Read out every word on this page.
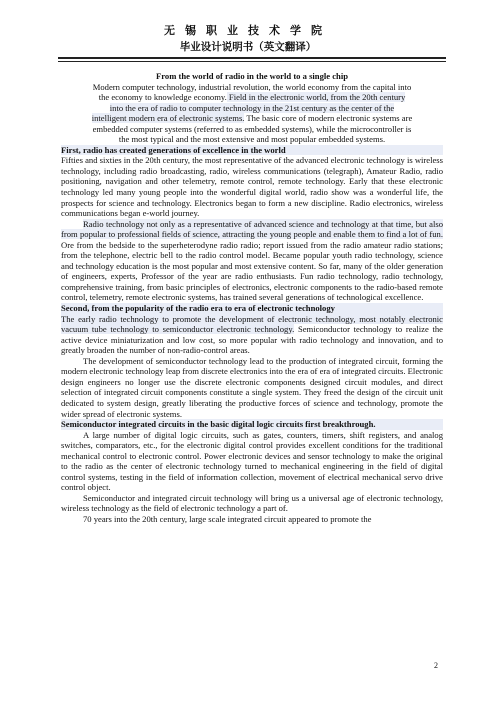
无锡职业技术学院
毕业设计说明书（英文翻译）
From the world of radio in the world to a single chip
Modern computer technology, industrial revolution, the world economy from the capital into
the economy to knowledge economy. Field in the electronic world, from the 20th century
into the era of radio to computer technology in the 21st century as the center of the
intelligent modern era of electronic systems. The basic core of modern electronic systems are
embedded computer systems (referred to as embedded systems), while the microcontroller is
the most typical and the most extensive and most popular embedded systems.
First, radio has created generations of excellence in the world
Fifties and sixties in the 20th century, the most representative of the advanced electronic technology is wireless technology, including radio broadcasting, radio, wireless communications (telegraph), Amateur Radio, radio positioning, navigation and other telemetry, remote control, remote technology. Early that these electronic technology led many young people into the wonderful digital world, radio show was a wonderful life, the prospects for science and technology. Electronics began to form a new discipline. Radio electronics, wireless communications began e-world journey.
Radio technology not only as a representative of advanced science and technology at that time, but also from popular to professional fields of science, attracting the young people and enable them to find a lot of fun. Ore from the bedside to the superheterodyne radio radio; report issued from the radio amateur radio stations; from the telephone, electric bell to the radio control model. Became popular youth radio technology, science and technology education is the most popular and most extensive content. So far, many of the older generation of engineers, experts, Professor of the year are radio enthusiasts. Fun radio technology, radio technology, comprehensive training, from basic principles of electronics, electronic components to the radio-based remote control, telemetry, remote electronic systems, has trained several generations of technological excellence.
Second, from the popularity of the radio era to era of electronic technology
The early radio technology to promote the development of electronic technology, most notably electronic vacuum tube technology to semiconductor electronic technology. Semiconductor technology to realize the active device miniaturization and low cost, so more popular with radio technology and innovation, and to greatly broaden the number of non-radio-control areas.
The development of semiconductor technology lead to the production of integrated circuit, forming the modern electronic technology leap from discrete electronics into the era of era of integrated circuits. Electronic design engineers no longer use the discrete electronic components designed circuit modules, and direct selection of integrated circuit components constitute a single system. They freed the design of the circuit unit dedicated to system design, greatly liberating the productive forces of science and technology, promote the wider spread of electronic systems.
Semiconductor integrated circuits in the basic digital logic circuits first breakthrough.
A large number of digital logic circuits, such as gates, counters, timers, shift registers, and analog switches, comparators, etc., for the electronic digital control provides excellent conditions for the traditional mechanical control to electronic control. Power electronic devices and sensor technology to make the original to the radio as the center of electronic technology turned to mechanical engineering in the field of digital control systems, testing in the field of information collection, movement of electrical mechanical servo drive control object.
Semiconductor and integrated circuit technology will bring us a universal age of electronic technology, wireless technology as the field of electronic technology a part of.
70 years into the 20th century, large scale integrated circuit appeared to promote the
2
